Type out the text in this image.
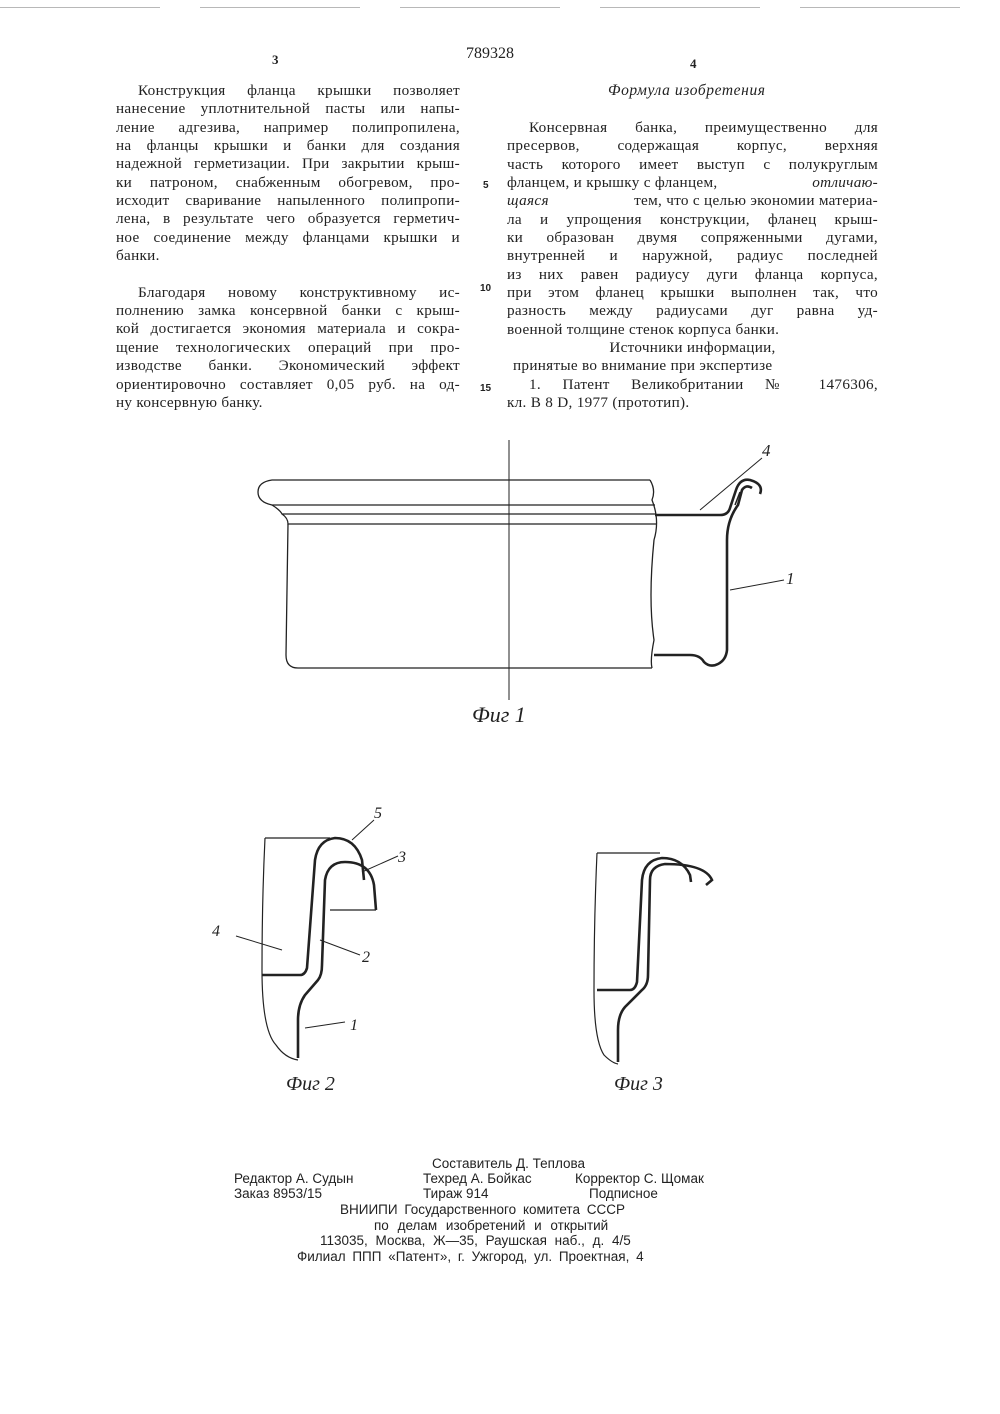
3	789328
4
Конструкция фланца крышки позволяет
нанесение уплотнительной пасты или напы-
ление адгезива, например полипропилена,
на фланцы крышки и банки для создания
надежной герметизации. При закрытии крыш-
ки патроном, снабженным обогревом, про-
исходит сваривание напыленного полипропи-
лена, в результате чего образуется герметич-
ное соединение между фланцами крышки и
банки.
Благодаря новому конструктивному ис-
полнению замка консервной банки с крыш-
кой достигается экономия материала и сокра-
щение технологических операций при про-
изводстве банки. Экономический эффект
ориентировочно составляет 0,05 руб. на од-
ну консервную банку.
5
10
15
Формула изобретения
Консервная банка, преимущественно для
пресервов, содержащая корпус, верхняя
часть которого имеет выступ с полукруглым
фланцем, и крышку с фланцем,	отличаю-
щаяся	тем, что с целью экономии материа-
ла и упрощения конструкции, фланец крыш-
ки образован двумя сопряженными дугами,
внутренней и наружной, радиус последней
из них равен радиусу дуги фланца корпуса,
при этом фланец крышки выполнен так, что
разность между радиусами дуг равна уд-
военной толщине стенок корпуса банки.
Источники информации,
принятые во внимание при экспертизе
1. Патент Великобритании № 1476306,
кл. В 8 D, 1977 (прототип).
4
1
Фиг 1
5
3
4
2
1
Фиг 2	Фиг 3
Составитель Д. Теплова
Редактор А. Судын	Техред А. Бойкас	Корректор С. Щомак
Заказ 8953/15	Тираж 914	Подписное
ВНИИПИ Государственного комитета СССР
по делам изобретений и открытий
113035, Москва, Ж—35, Раушская наб., д. 4/5
Филиал ППП «Патент», г. Ужгород, ул. Проектная, 4
